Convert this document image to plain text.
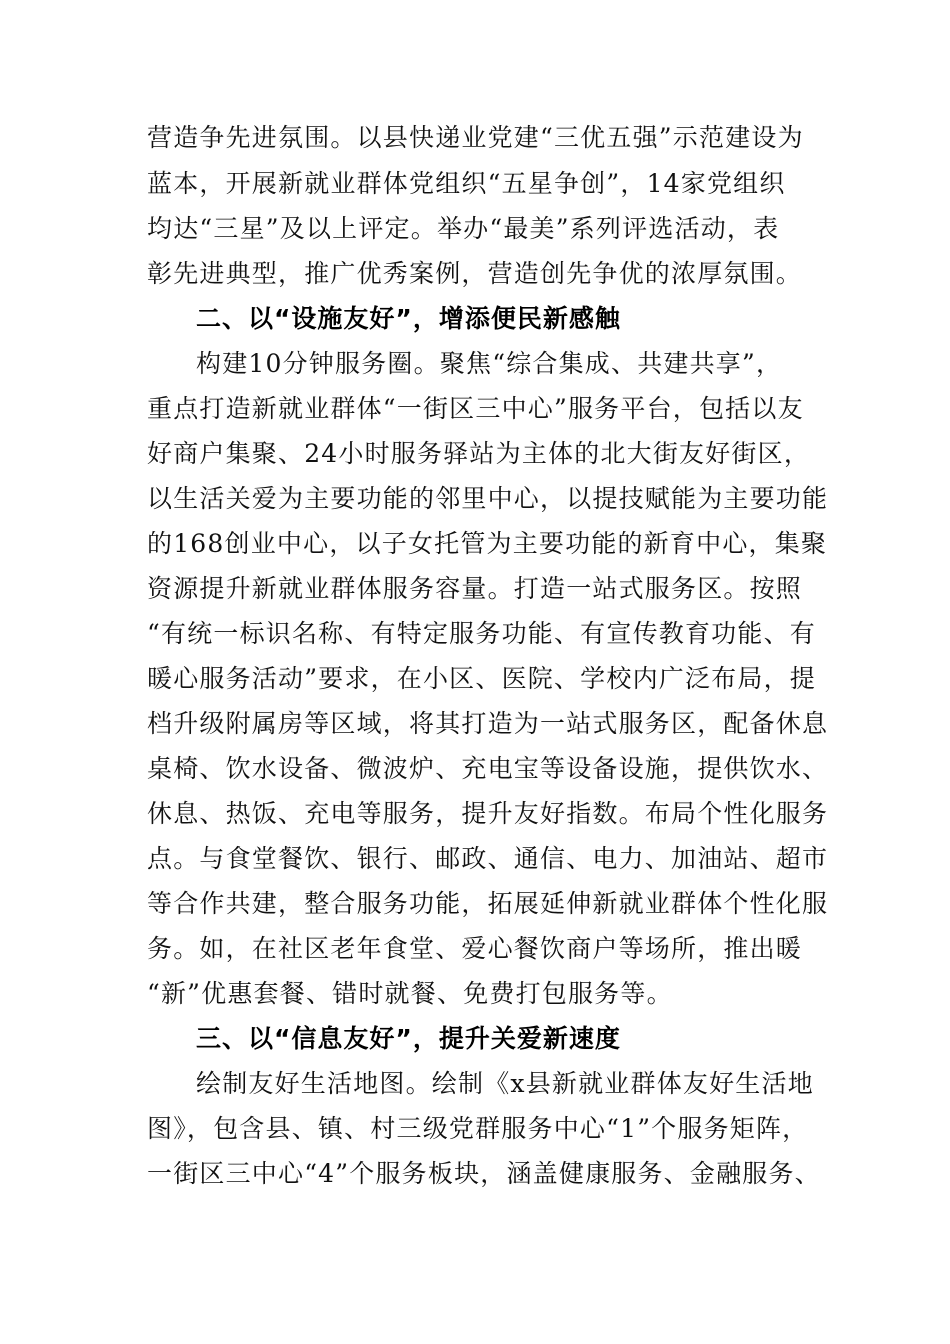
营造争先进氛围。以县快递业党建“三优五强”示范建设为
蓝本，开展新就业群体党组织“五星争创”，14家党组织
均达“三星”及以上评定。举办“最美”系列评选活动，表
彰先进典型，推广优秀案例，营造创先争优的浓厚氛围。
二、以“设施友好”，增添便民新感触
构建10分钟服务圈。聚焦“综合集成、共建共享”，
重点打造新就业群体“一街区三中心”服务平台，包括以友
好商户集聚、24小时服务驿站为主体的北大街友好街区，
以生活关爱为主要功能的邻里中心，以提技赋能为主要功能
的168创业中心，以子女托管为主要功能的新育中心，集聚
资源提升新就业群体服务容量。打造一站式服务区。按照
“有统一标识名称、有特定服务功能、有宣传教育功能、有
暖心服务活动”要求，在小区、医院、学校内广泛布局，提
档升级附属房等区域，将其打造为一站式服务区，配备休息
桌椅、饮水设备、微波炉、充电宝等设备设施，提供饮水、
休息、热饭、充电等服务，提升友好指数。布局个性化服务
点。与食堂餐饮、银行、邮政、通信、电力、加油站、超市
等合作共建，整合服务功能，拓展延伸新就业群体个性化服
务。如，在社区老年食堂、爱心餐饮商户等场所，推出暖
“新”优惠套餐、错时就餐、免费打包服务等。
三、以“信息友好”，提升关爱新速度
绘制友好生活地图。绘制《x县新就业群体友好生活地
图》，包含县、镇、村三级党群服务中心“1”个服务矩阵，
一街区三中心“4”个服务板块，涵盖健康服务、金融服务、
